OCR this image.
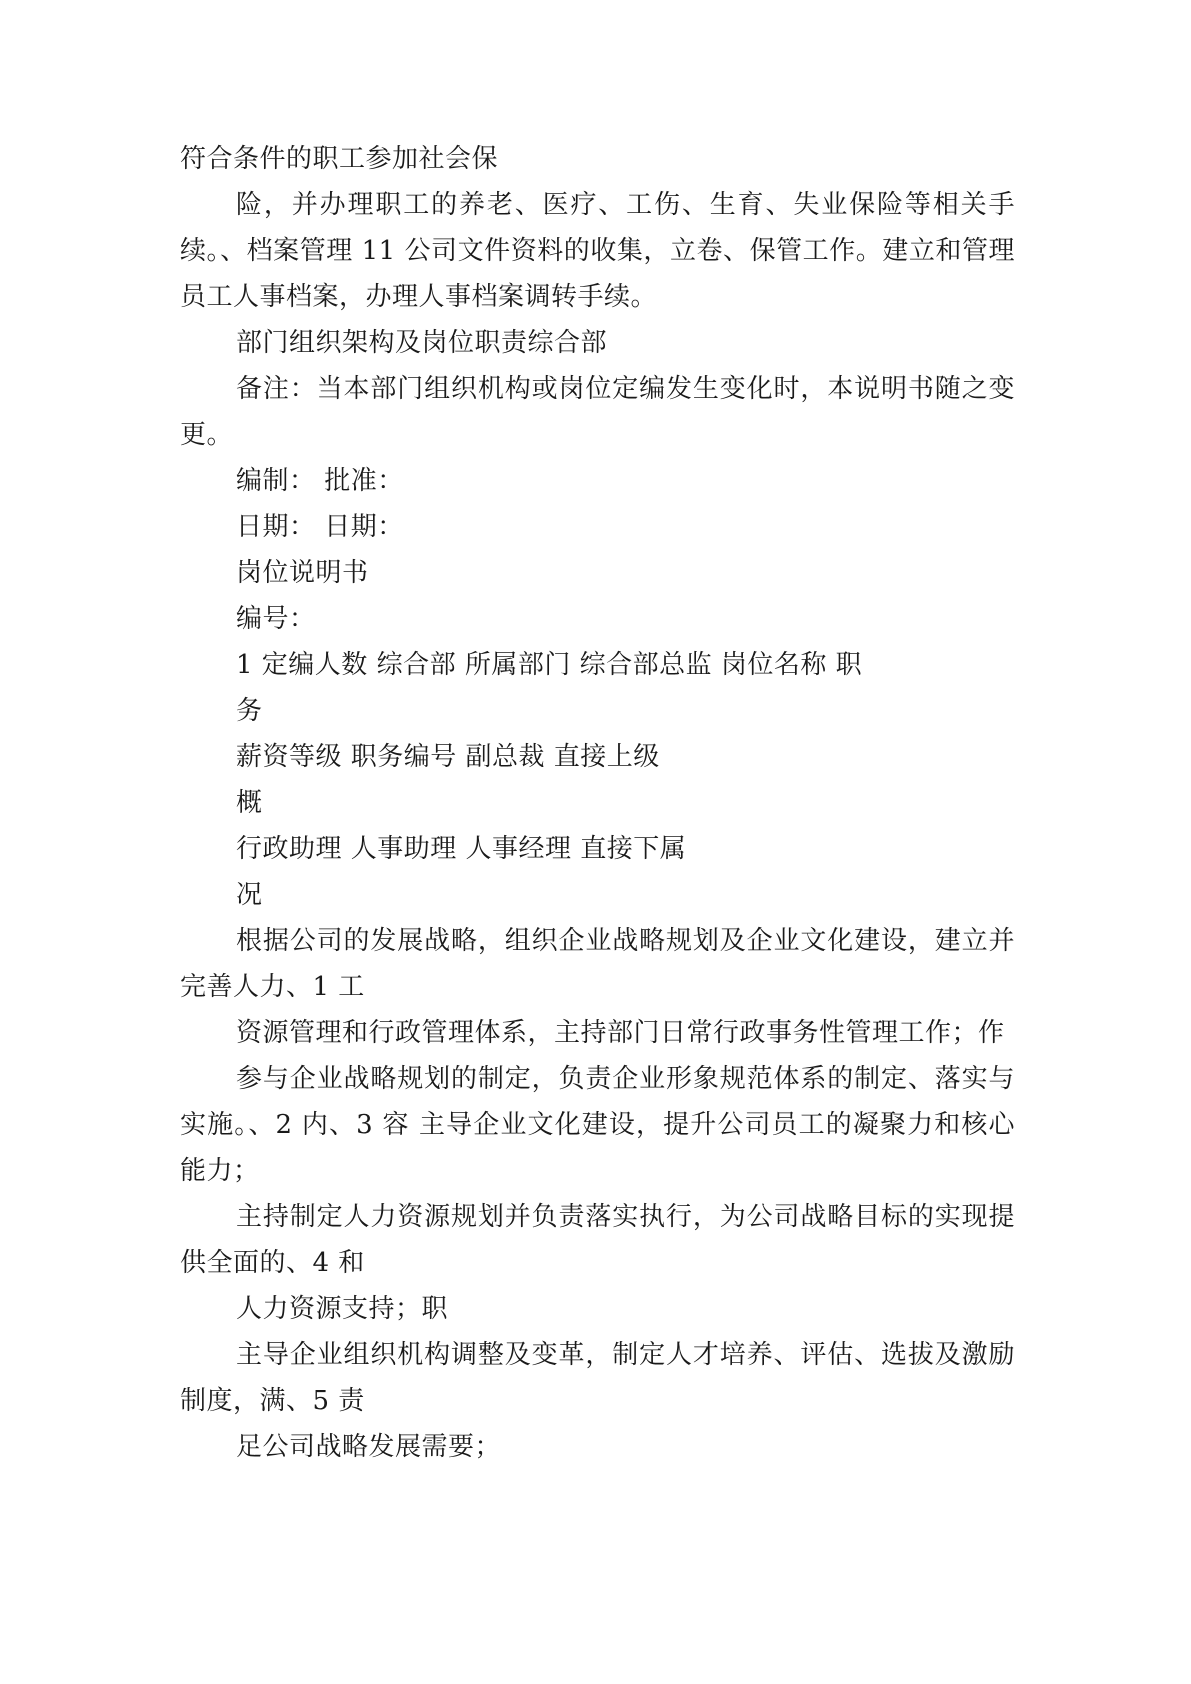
符合条件的职工参加社会保

险，并办理职工的养老、医疗、工伤、生育、失业保险等相关手续。、档案管理 11 公司文件资料的收集，立卷、保管工作。建立和管理员工人事档案，办理人事档案调转手续。

部门组织架构及岗位职责综合部

备注：当本部门组织机构或岗位定编发生变化时，本说明书随之变更。

编制： 批准：

日期： 日期：

岗位说明书

编号：

1 定编人数 综合部 所属部门 综合部总监 岗位名称 职

务

薪资等级 职务编号 副总裁 直接上级

概

行政助理 人事助理 人事经理 直接下属

况

根据公司的发展战略，组织企业战略规划及企业文化建设，建立并完善人力、1 工

资源管理和行政管理体系，主持部门日常行政事务性管理工作；作

参与企业战略规划的制定，负责企业形象规范体系的制定、落实与实施。、2 内、3 容 主导企业文化建设，提升公司员工的凝聚力和核心能力；

主持制定人力资源规划并负责落实执行，为公司战略目标的实现提供全面的、4 和

人力资源支持；职

主导企业组织机构调整及变革，制定人才培养、评估、选拔及激励制度，满、5 责

足公司战略发展需要；
